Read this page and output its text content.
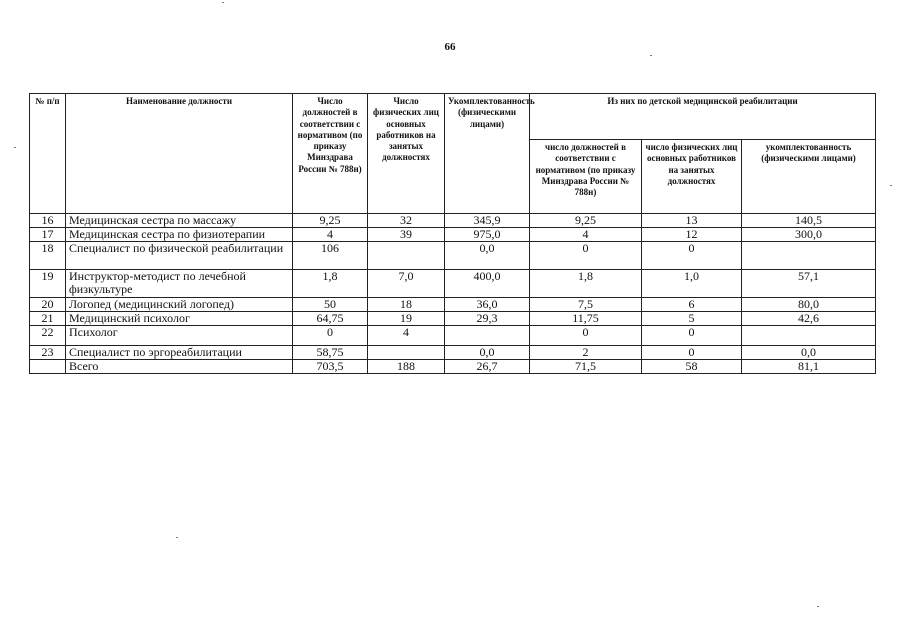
66
№ п/п	Наименование должности	Число должностей в соответствии с нормативом (по приказу Минздрава России № 788н)	Число физических лиц основных работников на занятых должностях	Укомплектованность (физическими лицами)	Из них по детской медицинской реабилитации		
					число должностей в соответствии с нормативом (по приказу Минздрава России № 788н)	число физических лиц основных работников на занятых должностях	укомплектованность (физическими лицами)
16	Медицинская сестра по массажу	9,25	32	345,9	9,25	13	140,5
17	Медицинская сестра по физиотерапии	4	39	975,0	4	12	300,0
18	Специалист по физической реабилитации	106		0,0	0	0	
19	Инструктор-методист по лечебной физкультуре	1,8	7,0	400,0	1,8	1,0	57,1
20	Логопед (медицинский логопед)	50	18	36,0	7,5	6	80,0
21	Медицинский психолог	64,75	19	29,3	11,75	5	42,6
22	Психолог	0	4		0	0	
23	Специалист по эргореабилитации	58,75		0,0	2	0	0,0
	Всего	703,5	188	26,7	71,5	58	81,1
